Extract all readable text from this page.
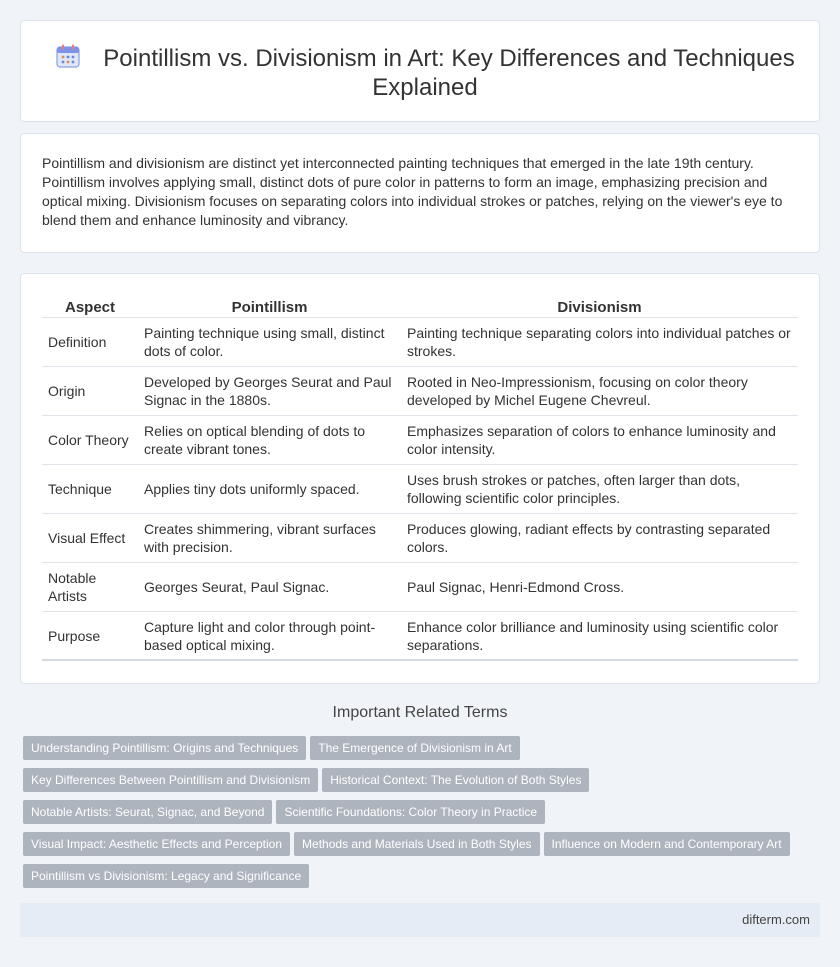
Pointillism vs. Divisionism in Art: Key Differences and Techniques Explained

Pointillism and divisionism are distinct yet interconnected painting techniques that emerged in the late 19th century. Pointillism involves applying small, distinct dots of pure color in patterns to form an image, emphasizing precision and optical mixing. Divisionism focuses on separating colors into individual strokes or patches, relying on the viewer's eye to blend them and enhance luminosity and vibrancy.

Aspect	Pointillism	Divisionism
Definition	Painting technique using small, distinct dots of color.	Painting technique separating colors into individual patches or strokes.
Origin	Developed by Georges Seurat and Paul Signac in the 1880s.	Rooted in Neo-Impressionism, focusing on color theory developed by Michel Eugene Chevreul.
Color Theory	Relies on optical blending of dots to create vibrant tones.	Emphasizes separation of colors to enhance luminosity and color intensity.
Technique	Applies tiny dots uniformly spaced.	Uses brush strokes or patches, often larger than dots, following scientific color principles.
Visual Effect	Creates shimmering, vibrant surfaces with precision.	Produces glowing, radiant effects by contrasting separated colors.
Notable Artists	Georges Seurat, Paul Signac.	Paul Signac, Henri-Edmond Cross.
Purpose	Capture light and color through point-based optical mixing.	Enhance color brilliance and luminosity using scientific color separations.
Important Related Terms
Understanding Pointillism: Origins and Techniques The Emergence of Divisionism in Art
Key Differences Between Pointillism and Divisionism Historical Context: The Evolution of Both Styles
Notable Artists: Seurat, Signac, and Beyond Scientific Foundations: Color Theory in Practice
Visual Impact: Aesthetic Effects and Perception Methods and Materials Used in Both Styles Influence on Modern and Contemporary Art
Pointillism vs Divisionism: Legacy and Significance
difterm.com
